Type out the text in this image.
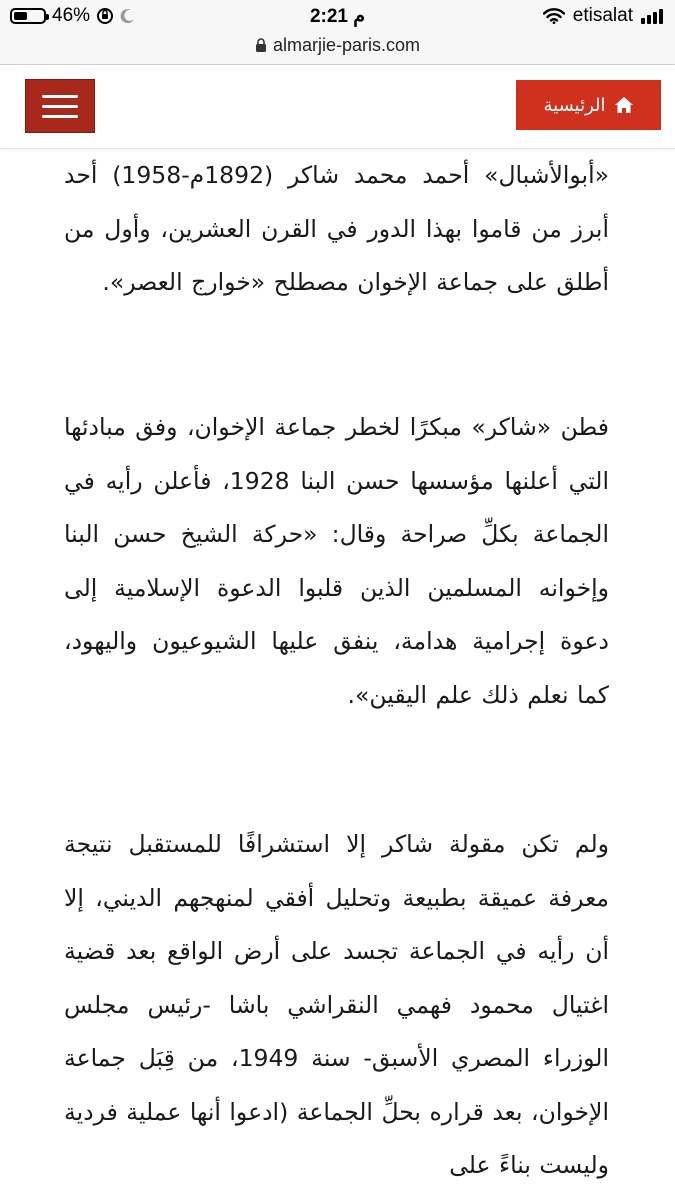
46%	2:21 م	etisalat
almarjie-paris.com
الرئيسية

«أبوالأشبال» أحمد محمد شاكر (1892م-1958) أحد أبرز من قاموا بهذا الدور في القرن العشرين، وأول من أطلق على جماعة الإخوان مصطلح «خوارج العصر».

فطن «شاكر» مبكرًا لخطر جماعة الإخوان، وفق مبادئها التي أعلنها مؤسسها حسن البنا 1928، فأعلن رأيه في الجماعة بكلِّ صراحة وقال: «حركة الشيخ حسن البنا وإخوانه المسلمين الذين قلبوا الدعوة الإسلامية إلى دعوة إجرامية هدامة، ينفق عليها الشيوعيون واليهود، كما نعلم ذلك علم اليقين».

ولم تكن مقولة شاكر إلا استشرافًا للمستقبل نتيجة معرفة عميقة بطبيعة وتحليل أفقي لمنهجهم الديني، إلا أن رأيه في الجماعة تجسد على أرض الواقع بعد قضية اغتيال محمود فهمي النقراشي باشا -رئيس مجلس الوزراء المصري الأسبق- سنة 1949، من قِبَل جماعة الإخوان، بعد قراره بحلِّ الجماعة (ادعوا أنها عملية فردية وليست بناءً على
